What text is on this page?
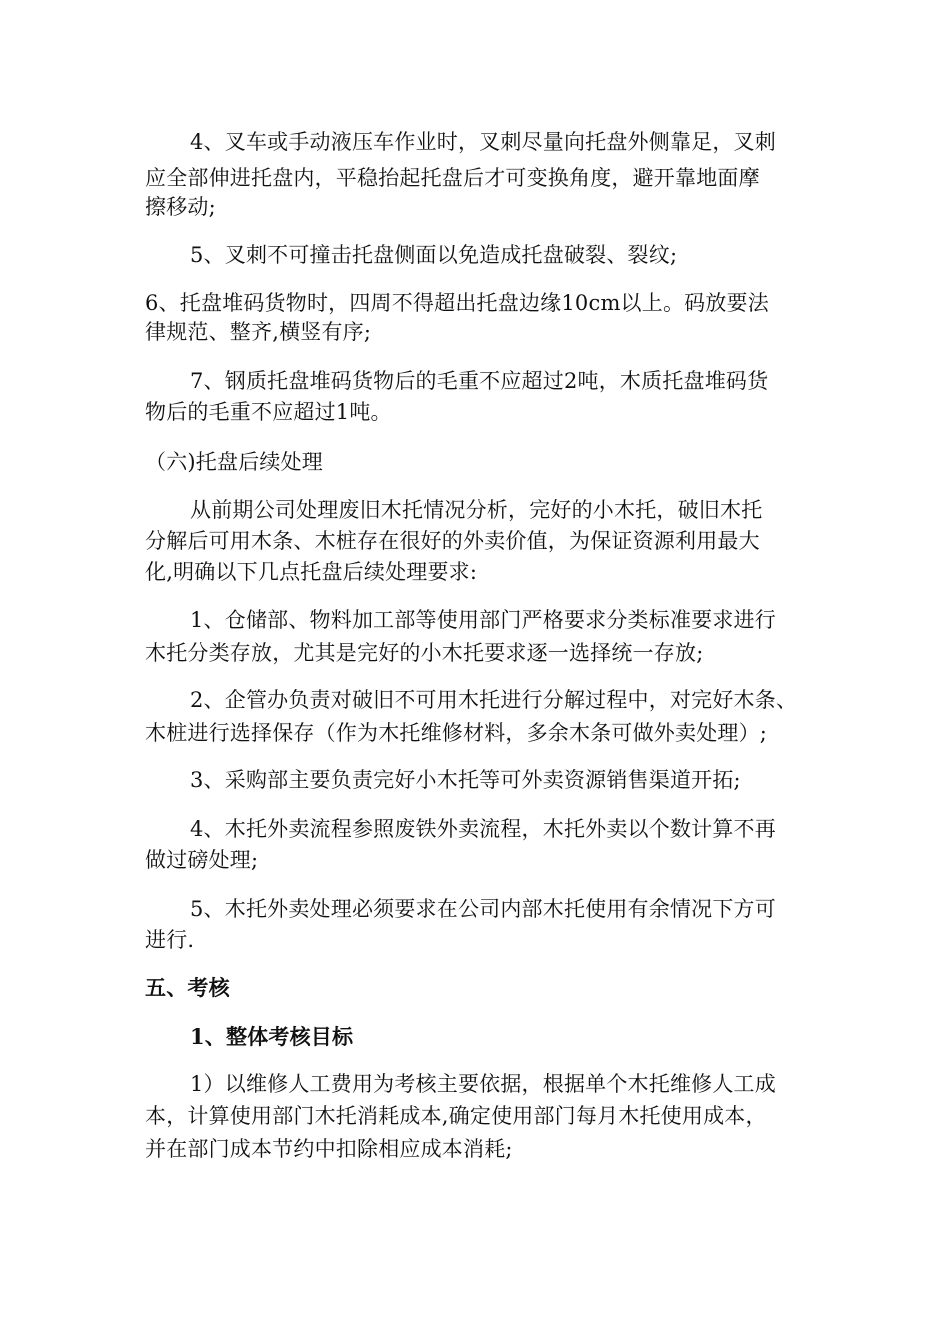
4、叉车或手动液压车作业时，叉刺尽量向托盘外侧靠足，叉刺
应全部伸进托盘内，平稳抬起托盘后才可变换角度，避开靠地面摩
擦移动;
5、叉刺不可撞击托盘侧面以免造成托盘破裂、裂纹;
6、托盘堆码货物时，四周不得超出托盘边缘10cm以上。码放要法
律规范、整齐,横竖有序;
7、钢质托盘堆码货物后的毛重不应超过2吨，木质托盘堆码货
物后的毛重不应超过1吨。
（六)托盘后续处理
从前期公司处理废旧木托情况分析，完好的小木托，破旧木托
分解后可用木条、木桩存在很好的外卖价值，为保证资源利用最大
化,明确以下几点托盘后续处理要求:
1、仓储部、物料加工部等使用部门严格要求分类标准要求进行
木托分类存放，尤其是完好的小木托要求逐一选择统一存放;
2、企管办负责对破旧不可用木托进行分解过程中，对完好木条、
木桩进行选择保存（作为木托维修材料，多余木条可做外卖处理）;
3、采购部主要负责完好小木托等可外卖资源销售渠道开拓;
4、木托外卖流程参照废铁外卖流程，木托外卖以个数计算不再
做过磅处理;
5、木托外卖处理必须要求在公司内部木托使用有余情况下方可
进行.
五、考核
1、整体考核目标
1）以维修人工费用为考核主要依据，根据单个木托维修人工成
本，计算使用部门木托消耗成本,确定使用部门每月木托使用成本，
并在部门成本节约中扣除相应成本消耗;
